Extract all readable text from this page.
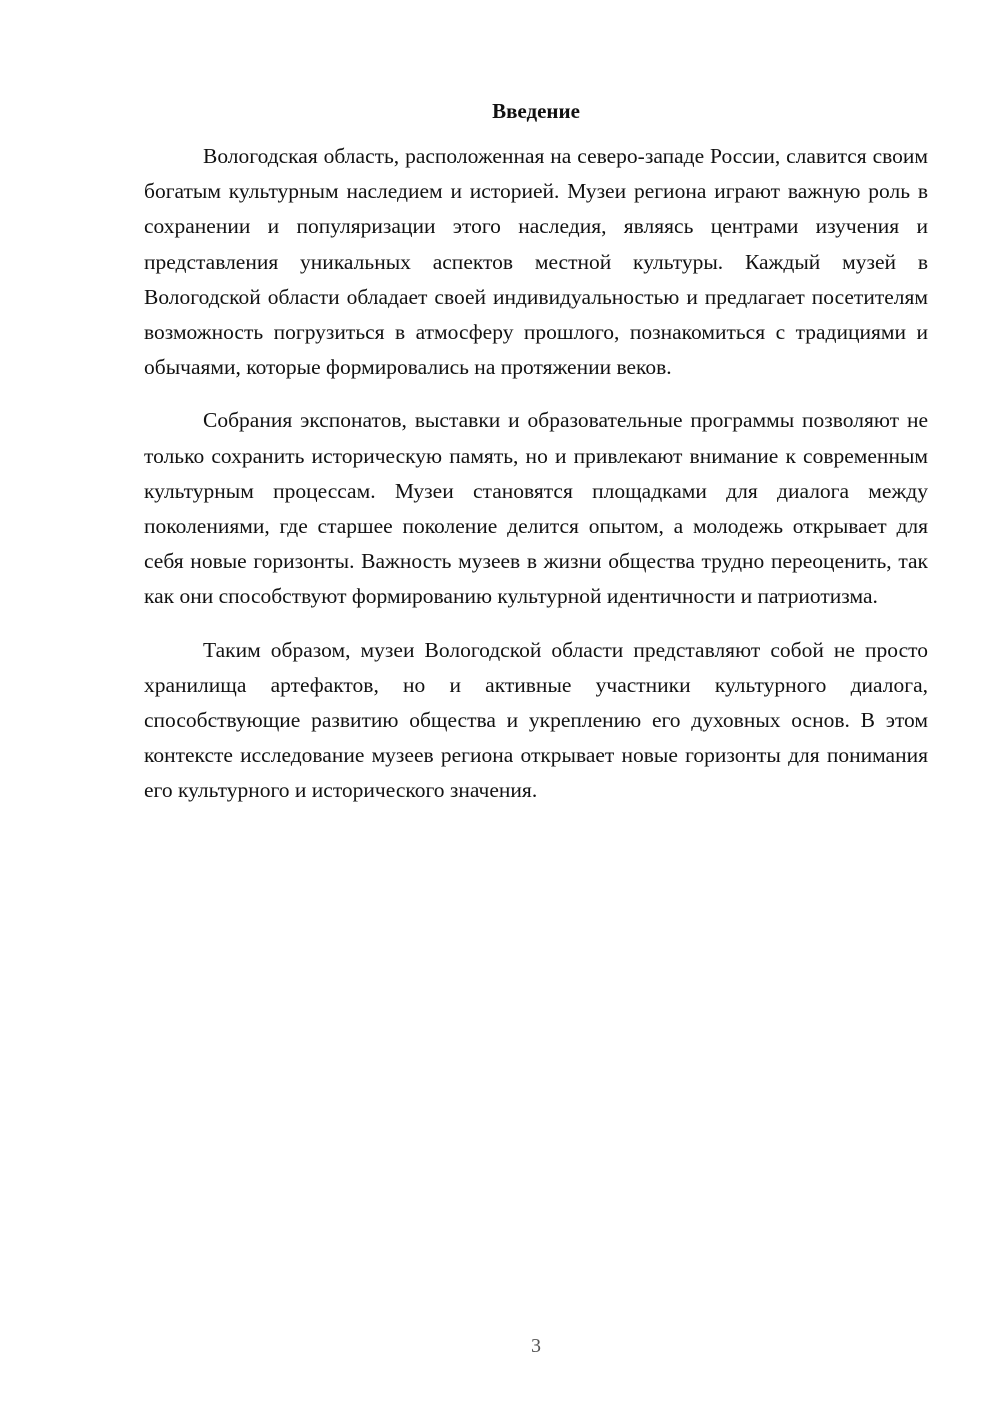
Введение

Вологодская область, расположенная на северо-западе России, славится своим богатым культурным наследием и историей. Музеи региона играют важную роль в сохранении и популяризации этого наследия, являясь центрами изучения и представления уникальных аспектов местной культуры. Каждый музей в Вологодской области обладает своей индивидуальностью и предлагает посетителям возможность погрузиться в атмосферу прошлого, познакомиться с традициями и обычаями, которые формировались на протяжении веков.

Собрания экспонатов, выставки и образовательные программы позволяют не только сохранить историческую память, но и привлекают внимание к современным культурным процессам. Музеи становятся площадками для диалога между поколениями, где старшее поколение делится опытом, а молодежь открывает для себя новые горизонты. Важность музеев в жизни общества трудно переоценить, так как они способствуют формированию культурной идентичности и патриотизма.

Таким образом, музеи Вологодской области представляют собой не просто хранилища артефактов, но и активные участники культурного диалога, способствующие развитию общества и укреплению его духовных основ. В этом контексте исследование музеев региона открывает новые горизонты для понимания его культурного и исторического значения.

3
